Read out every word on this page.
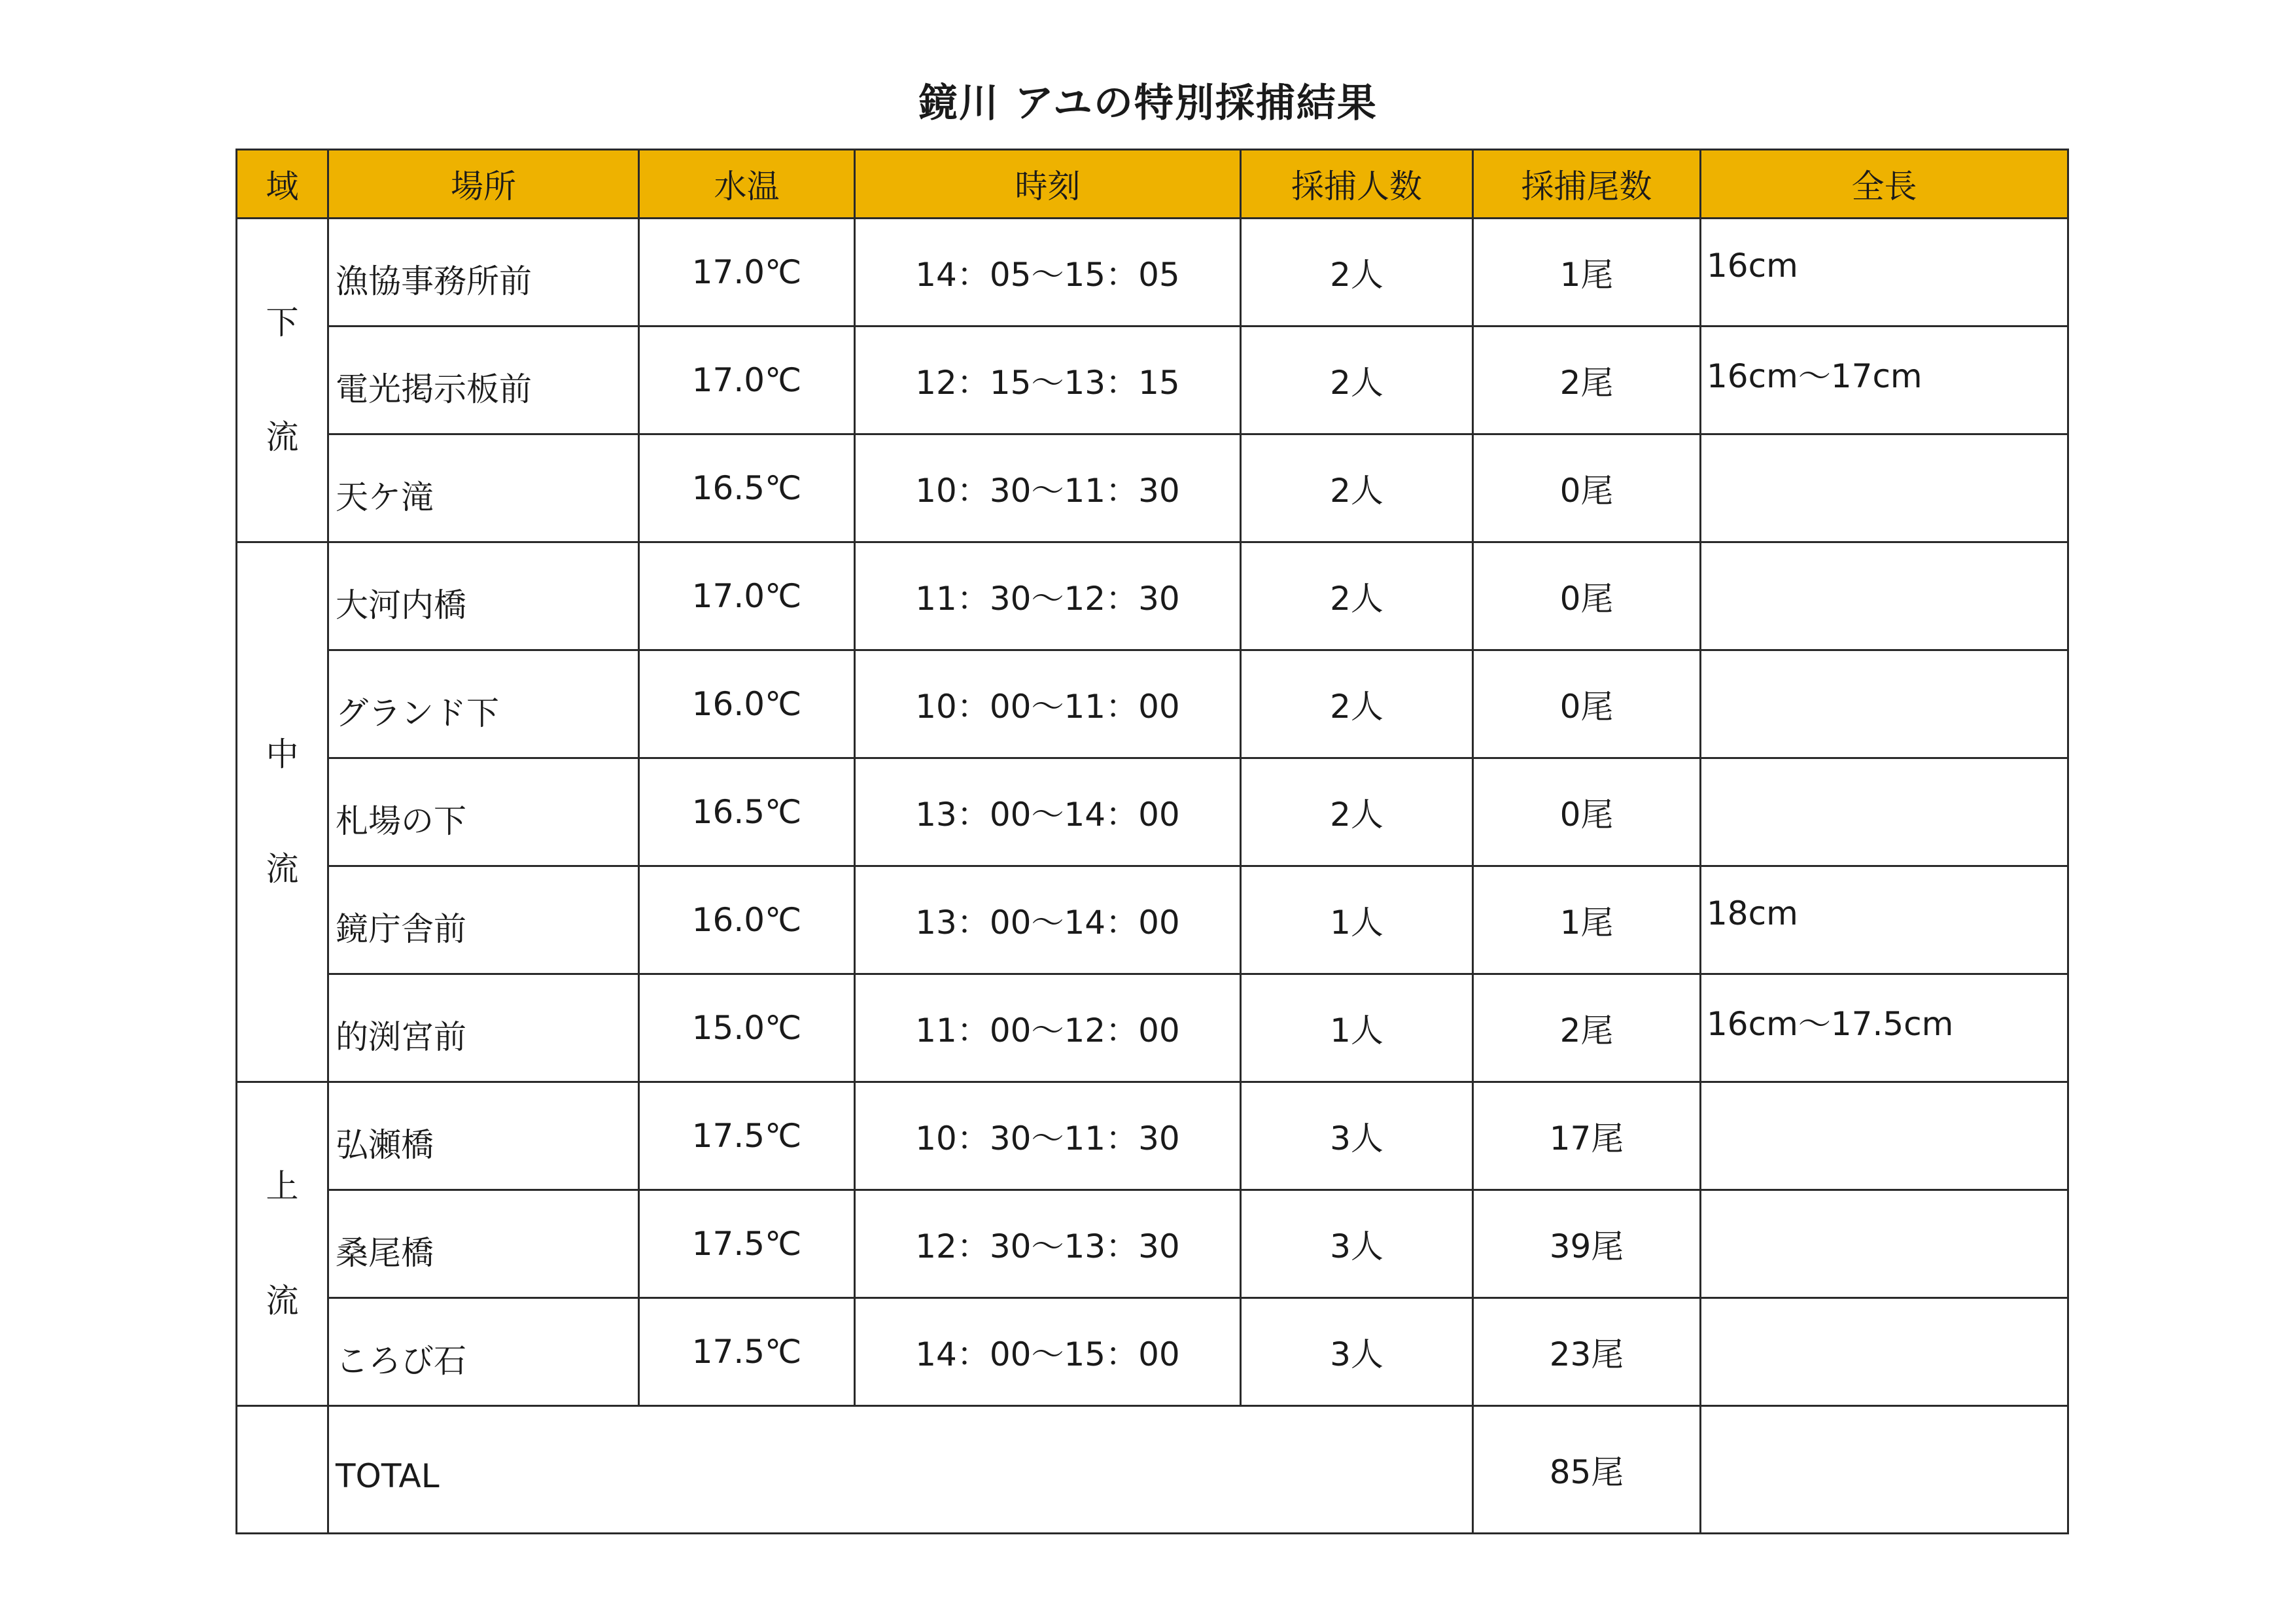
鏡川 アユの特別採捕結果
域	場所	水温	時刻	採捕人数	採捕尾数	全長

下
流	漁協事務所前	17.0℃	14：05〜15：05	2人	1尾	16cm
	電光掲示板前	17.0℃	12：15〜13：15	2人	2尾	16cm〜17cm
	天ケ滝	16.5℃	10：30〜11：30	2人	0尾	

中
流	大河内橋	17.0℃	11：30〜12：30	2人	0尾	
	グランド下	16.0℃	10：00〜11：00	2人	0尾	
	札場の下	16.5℃	13：00〜14：00	2人	0尾	
	鏡庁舎前	16.0℃	13：00〜14：00	1人	1尾	18cm
	的渕宮前	15.0℃	11：00〜12：00	1人	2尾	16cm〜17.5cm

上
流	弘瀬橋	17.5℃	10：30〜11：30	3人	17尾	
	桑尾橋	17.5℃	12：30〜13：30	3人	39尾	
	ころび石	17.5℃	14：00〜15：00	3人	23尾	
	TOTAL				85尾	
